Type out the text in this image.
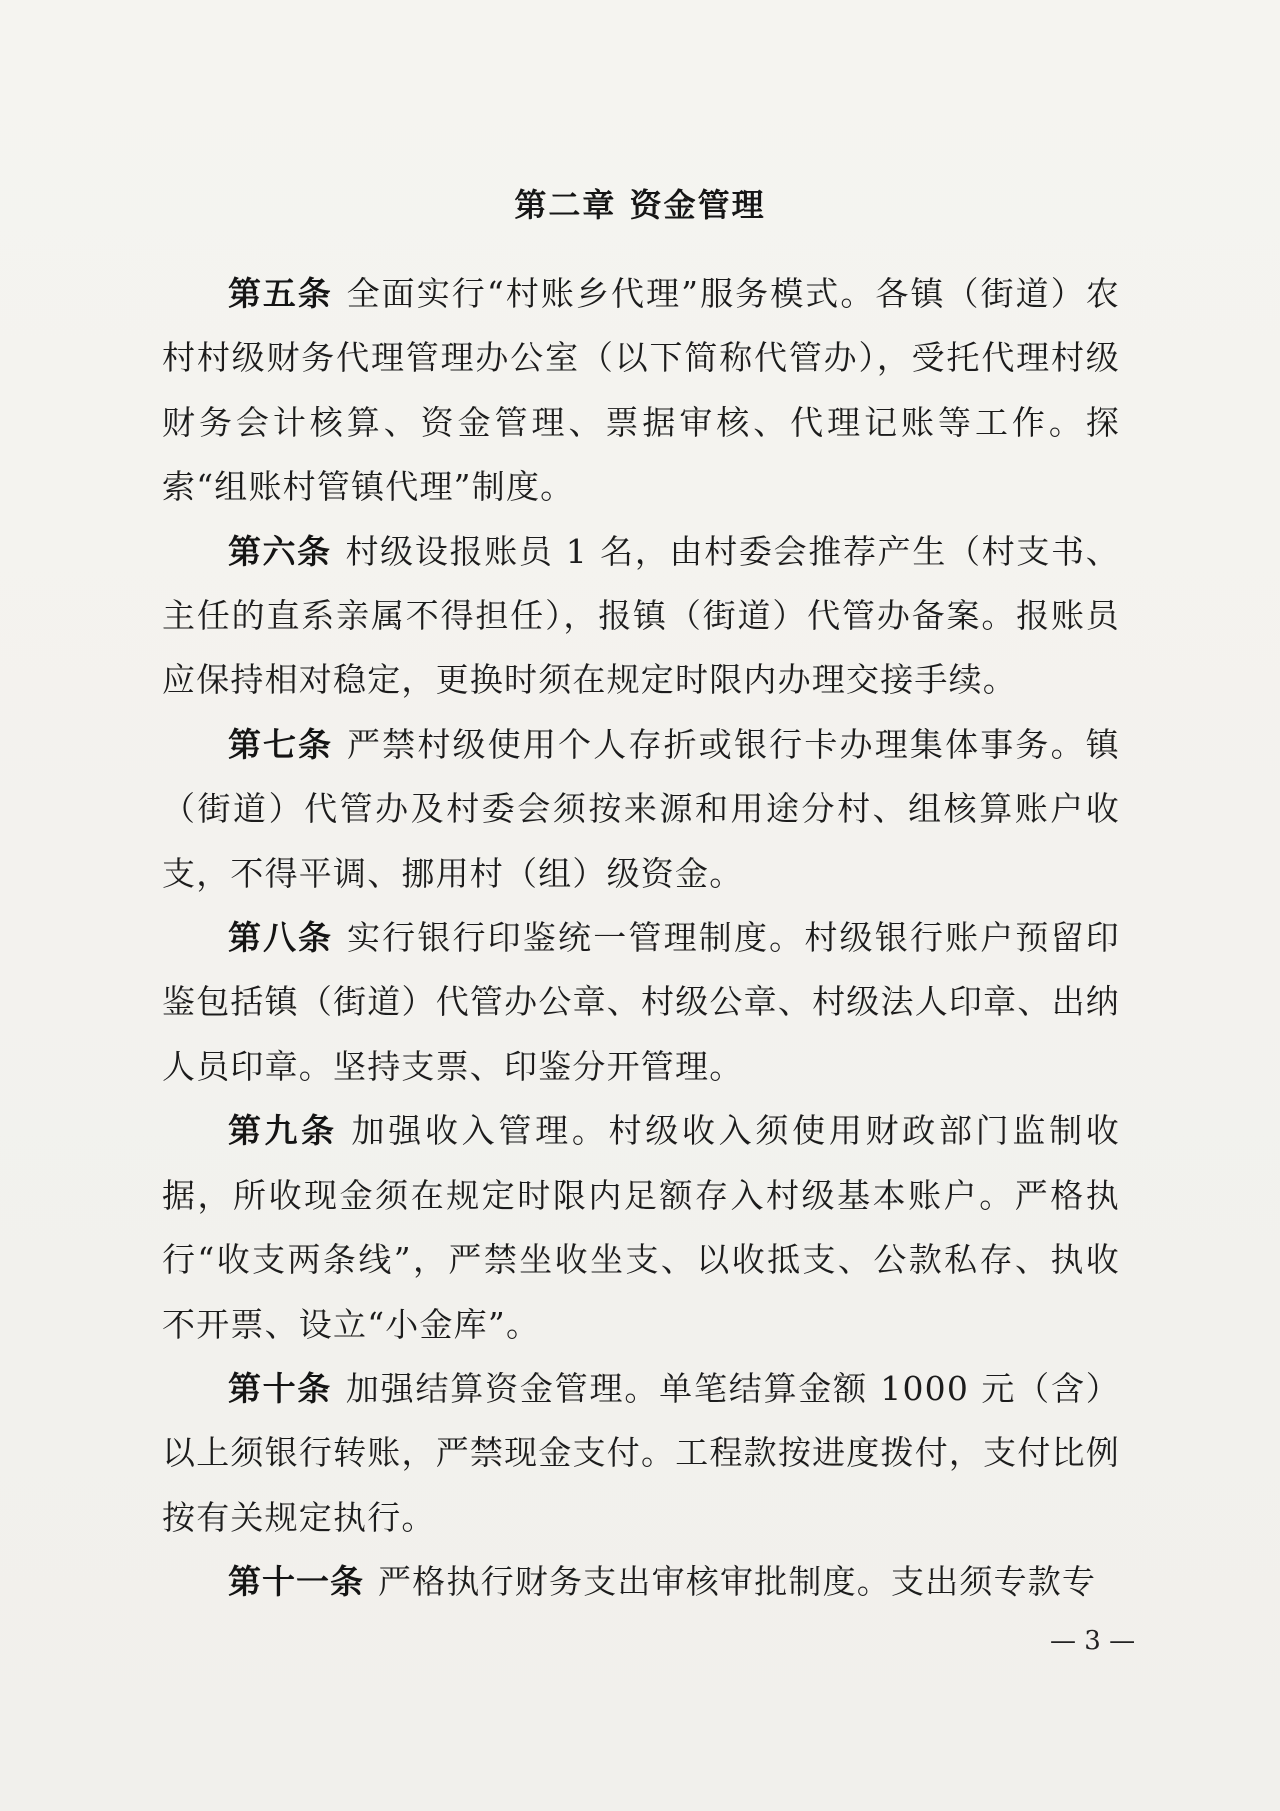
第二章 资金管理

第五条 全面实行“村账乡代理”服务模式。各镇（街道）农村村级财务代理管理办公室（以下简称代管办），受托代理村级财务会计核算、资金管理、票据审核、代理记账等工作。探索“组账村管镇代理”制度。

第六条 村级设报账员 1 名，由村委会推荐产生（村支书、主任的直系亲属不得担任），报镇（街道）代管办备案。报账员应保持相对稳定，更换时须在规定时限内办理交接手续。

第七条 严禁村级使用个人存折或银行卡办理集体事务。镇（街道）代管办及村委会须按来源和用途分村、组核算账户收支，不得平调、挪用村（组）级资金。

第八条 实行银行印鉴统一管理制度。村级银行账户预留印鉴包括镇（街道）代管办公章、村级公章、村级法人印章、出纳人员印章。坚持支票、印鉴分开管理。

第九条 加强收入管理。村级收入须使用财政部门监制收据，所收现金须在规定时限内足额存入村级基本账户。严格执行“收支两条线”，严禁坐收坐支、以收抵支、公款私存、执收不开票、设立“小金库”。

第十条 加强结算资金管理。单笔结算金额 1000 元（含）以上须银行转账，严禁现金支付。工程款按进度拨付，支付比例按有关规定执行。

第十一条 严格执行财务支出审核审批制度。支出须专款专

— 3 —
